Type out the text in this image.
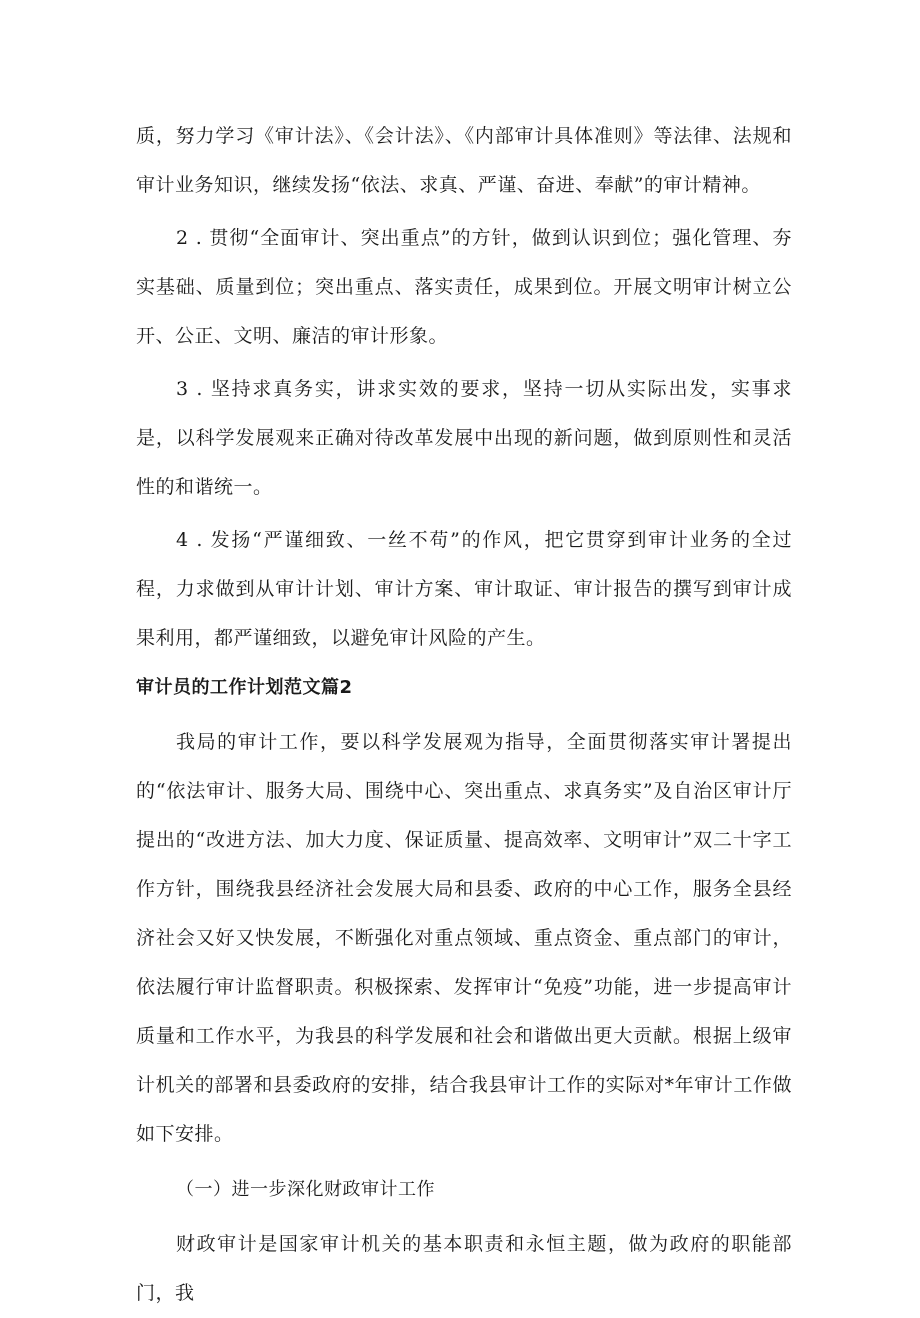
质，努力学习《审计法》、《会计法》、《内部审计具体准则》等法律、法规和审计业务知识，继续发扬“依法、求真、严谨、奋进、奉献”的审计精神。

2 . 贯彻“全面审计、突出重点”的方针，做到认识到位；强化管理、夯实基础、质量到位；突出重点、落实责任，成果到位。开展文明审计树立公开、公正、文明、廉洁的审计形象。

3 . 坚持求真务实，讲求实效的要求，坚持一切从实际出发，实事求是，以科学发展观来正确对待改革发展中出现的新问题，做到原则性和灵活性的和谐统一。

4 . 发扬“严谨细致、一丝不苟”的作风，把它贯穿到审计业务的全过程，力求做到从审计计划、审计方案、审计取证、审计报告的撰写到审计成果利用，都严谨细致，以避免审计风险的产生。

审计员的工作计划范文篇2

我局的审计工作，要以科学发展观为指导，全面贯彻落实审计署提出的“依法审计、服务大局、围绕中心、突出重点、求真务实”及自治区审计厅提出的“改进方法、加大力度、保证质量、提高效率、文明审计”双二十字工作方针，围绕我县经济社会发展大局和县委、政府的中心工作，服务全县经济社会又好又快发展，不断强化对重点领域、重点资金、重点部门的审计，依法履行审计监督职责。积极探索、发挥审计“免疫”功能，进一步提高审计质量和工作水平，为我县的科学发展和社会和谐做出更大贡献。根据上级审计机关的部署和县委政府的安排，结合我县审计工作的实际对*年审计工作做如下安排。

（一）进一步深化财政审计工作

财政审计是国家审计机关的基本职责和永恒主题，做为政府的职能部门，我
